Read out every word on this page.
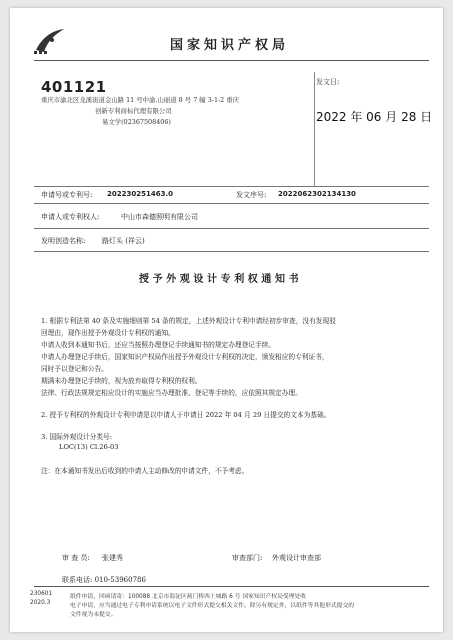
国家知识产权局
401121
重庆市渝北区龙溪街道金山路 11 号中渝.山丽道 8 号 7 幢 3-1-2 重庆
创新专利商标代理有限公司
易文学(02367508406)
发文日:
2022 年 06 月 28 日
申请号或专利号: 202230251463.0	发文序号: 2022062302134130
申请人或专利权人:	中山市森德照明有限公司
发明创造名称: 路灯头 (祥云)
授予外观设计专利权通知书
1. 根据专利法第 40 条及实施细则第 54 条的规定，上述外观设计专利申请经初步审查，没有发现驳
回理由，现作出授予外观设计专利权的通知。
申请人收到本通知书后，还应当按照办理登记手续通知书的规定办理登记手续。
申请人办理登记手续后，国家知识产权局作出授予外观设计专利权的决定，颁发相应的专利证书，
同时予以登记和公告。
期满未办理登记手续的，视为放弃取得专利权的权利。
法律、行政法规规定相应设计的实施应当办理批准、登记等手续的，应依照其规定办理。
2. 授予专利权的外观设计专利申请是以申请人于申请日 2022 年 04 月 29 日提交的文本为基础。
3. 国际外观设计分类号:
LOC(13) Cl.26-03
注：在本通知书发出后收到的申请人主动修改的申请文件，不予考虑。
审 查 员: 张建秀	审查部门: 外观设计审查部
联系电话: 010-53960786
230601
2020.3
纸件申请，回函请寄：100088 北京市海淀区蓟门桥西土城路 6 号 国家知识产权局受理处收
电子申请，应当通过电子专利申请系统以电子文件形式提交相关文件。除另有规定外，以纸件等其他形式提交的
文件视为未提交。
